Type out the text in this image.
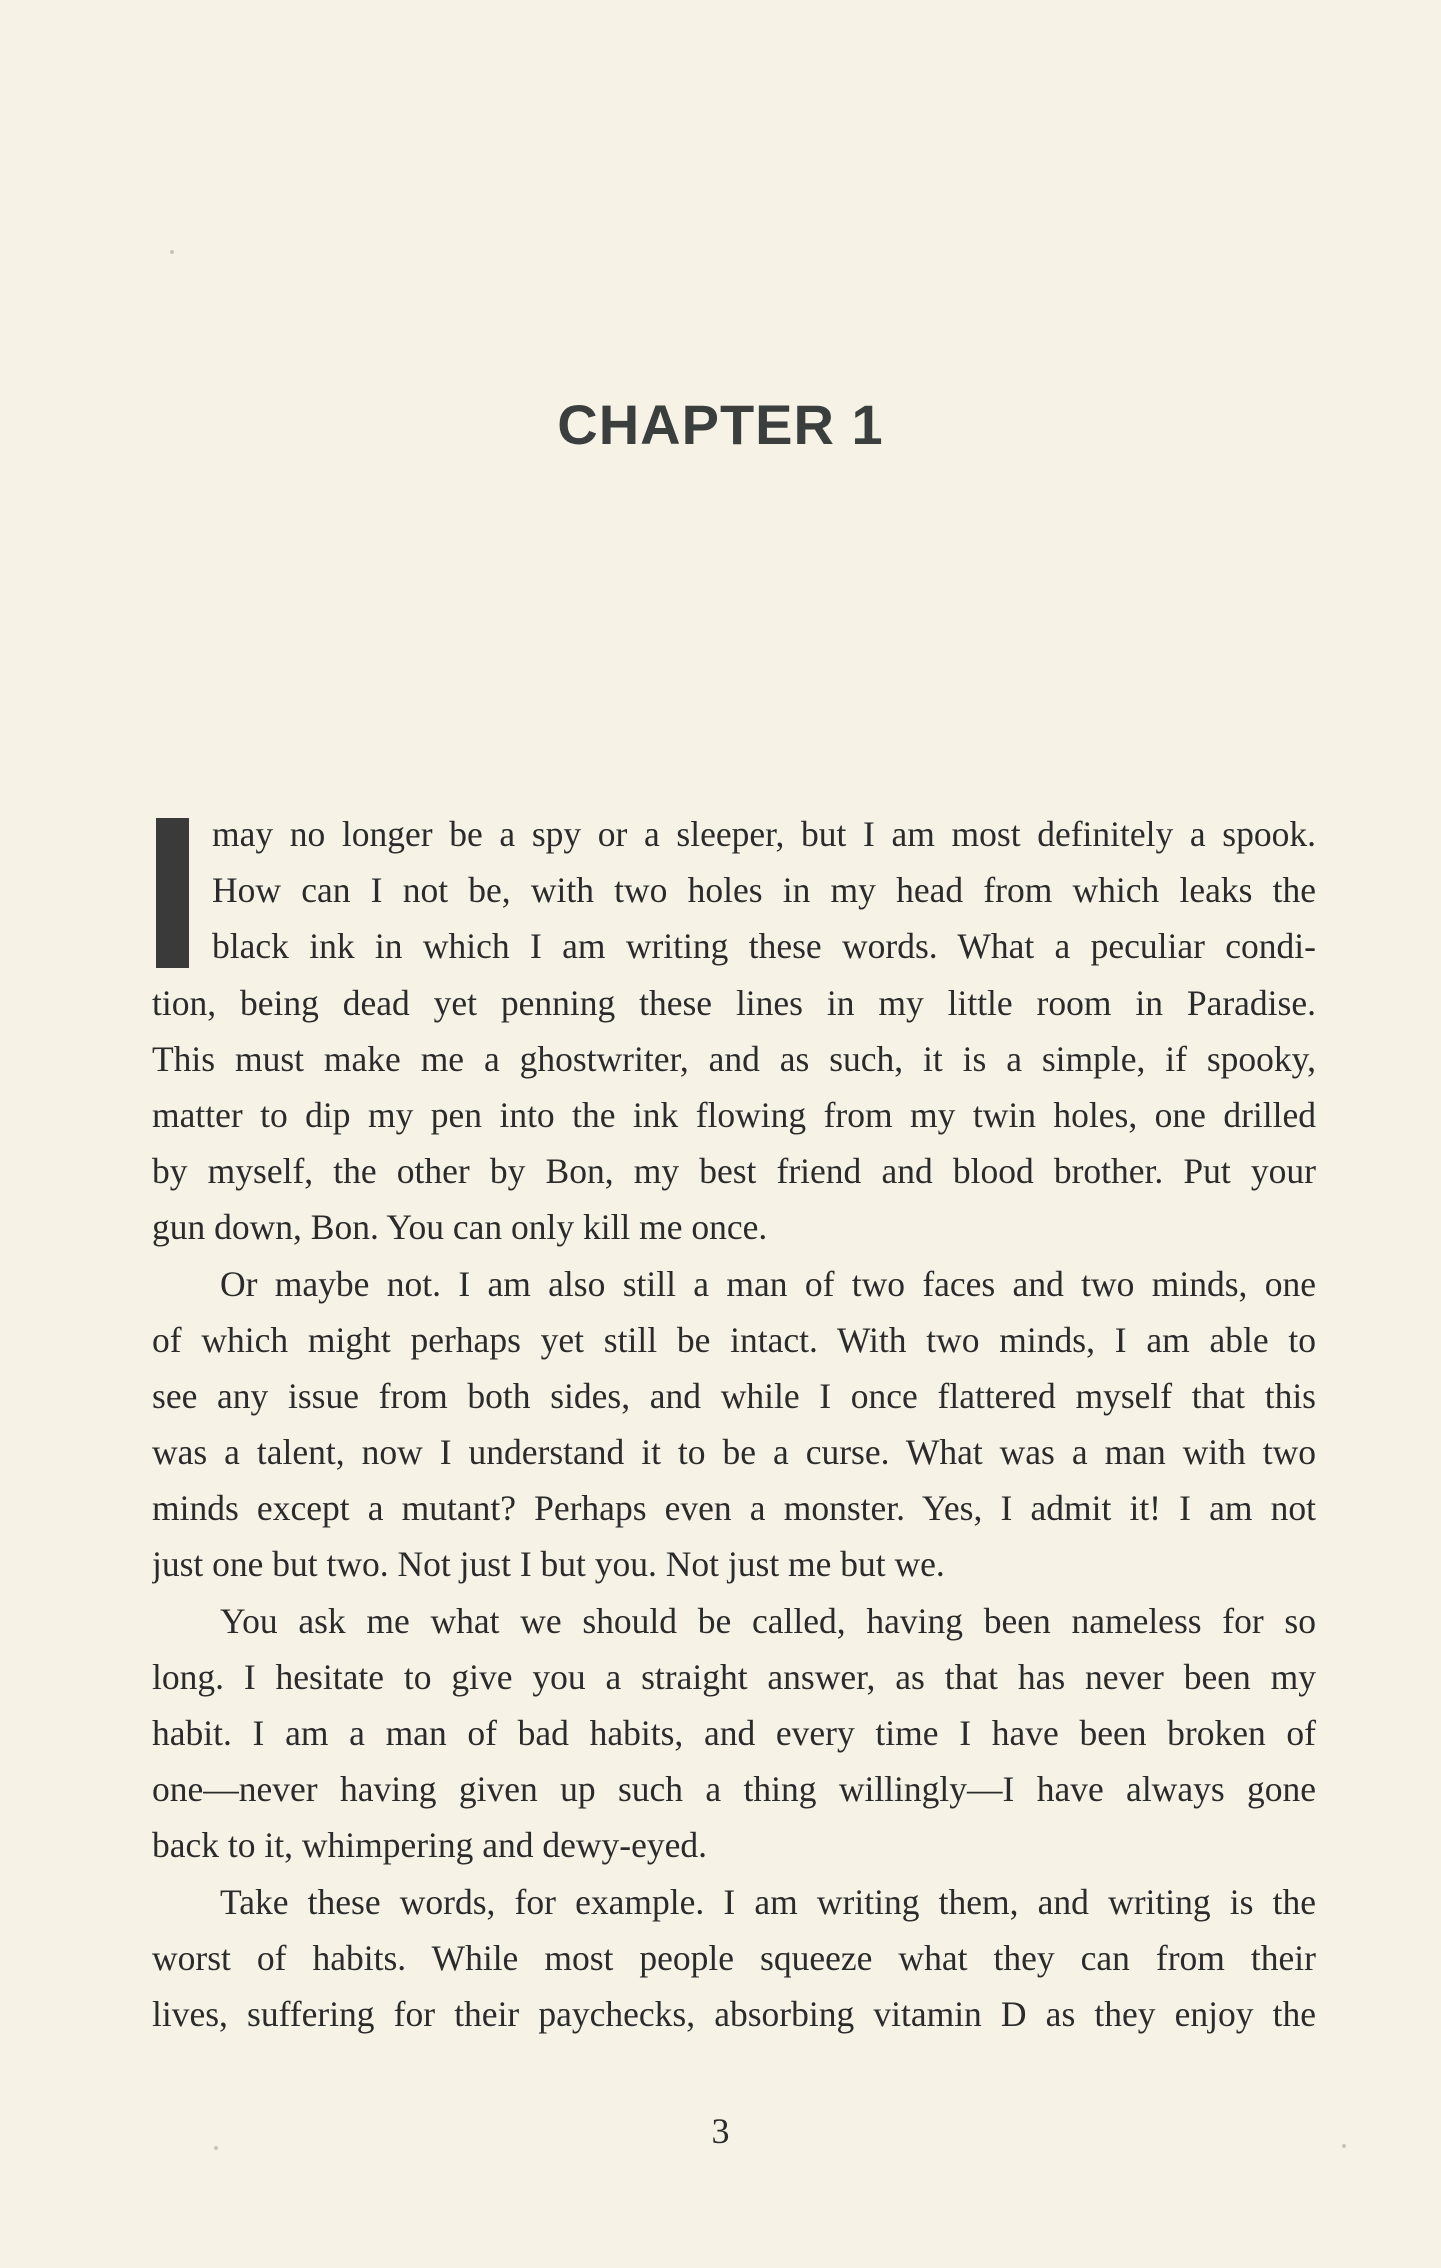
CHAPTER 1
may no longer be a spy or a sleeper, but I am most definitely a spook.
How can I not be, with two holes in my head from which leaks the
black ink in which I am writing these words. What a peculiar condi-
tion, being dead yet penning these lines in my little room in Paradise.
This must make me a ghostwriter, and as such, it is a simple, if spooky,
matter to dip my pen into the ink flowing from my twin holes, one drilled
by myself, the other by Bon, my best friend and blood brother. Put your
gun down, Bon. You can only kill me once.
Or maybe not. I am also still a man of two faces and two minds, one
of which might perhaps yet still be intact. With two minds, I am able to
see any issue from both sides, and while I once flattered myself that this
was a talent, now I understand it to be a curse. What was a man with two
minds except a mutant? Perhaps even a monster. Yes, I admit it! I am not
just one but two. Not just I but you. Not just me but we.
You ask me what we should be called, having been nameless for so
long. I hesitate to give you a straight answer, as that has never been my
habit. I am a man of bad habits, and every time I have been broken of
one—never having given up such a thing willingly—I have always gone
back to it, whimpering and dewy-eyed.
Take these words, for example. I am writing them, and writing is the
worst of habits. While most people squeeze what they can from their
lives, suffering for their paychecks, absorbing vitamin D as they enjoy the
3
